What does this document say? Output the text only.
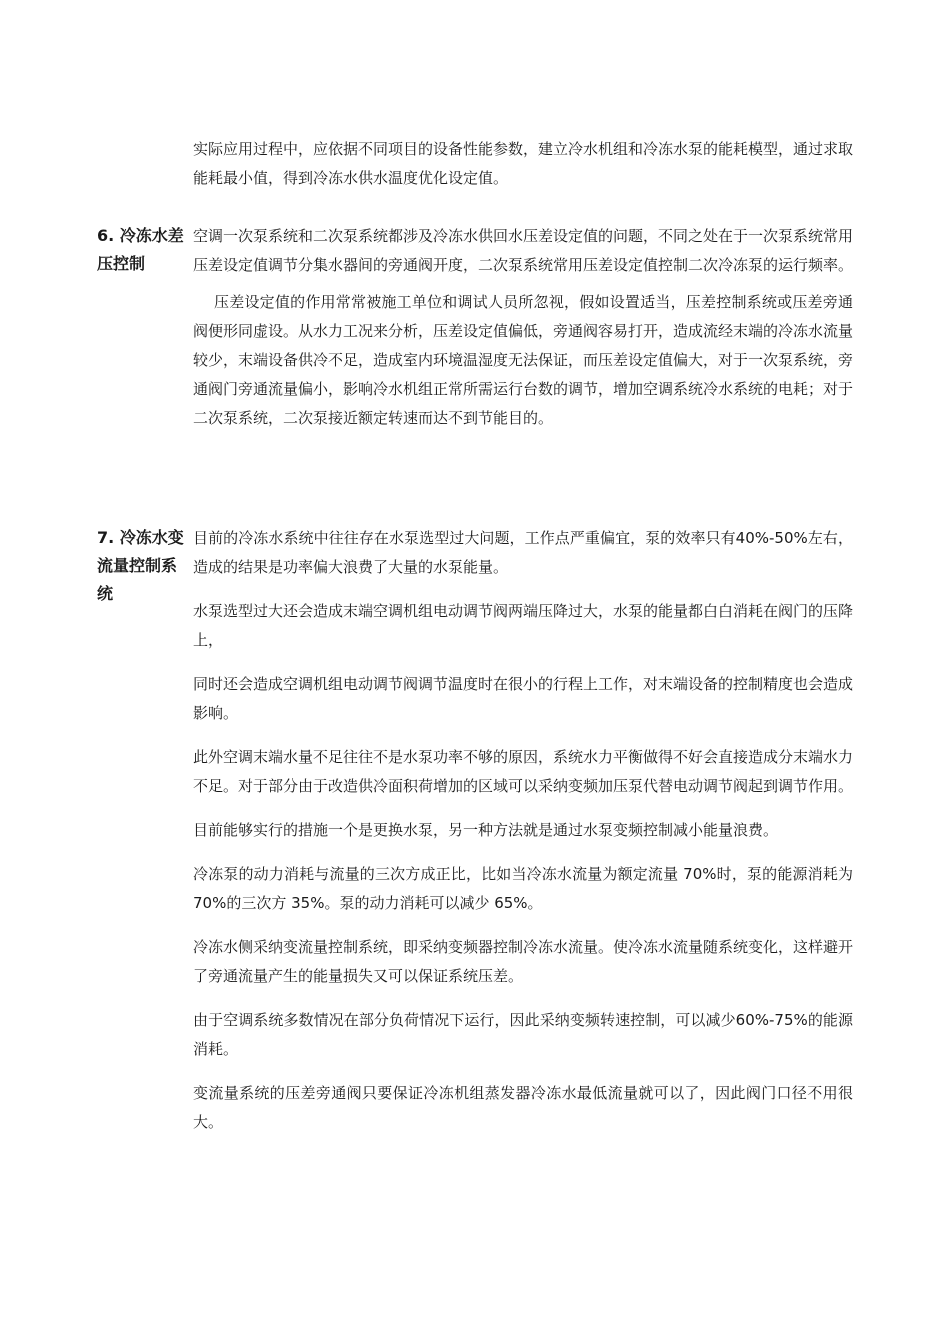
实际应用过程中，应依据不同项目的设备性能参数，建立冷水机组和冷冻水泵的能耗模型，通过求取能耗最小值，得到冷冻水供水温度优化设定值。

6. 冷冻水差压控制

空调一次泵系统和二次泵系统都涉及冷冻水供回水压差设定值的问题，不同之处在于一次泵系统常用压差设定值调节分集水器间的旁通阀开度，二次泵系统常用压差设定值控制二次冷冻泵的运行频率。

压差设定值的作用常常被施工单位和调试人员所忽视，假如设置适当，压差控制系统或压差旁通阀便形同虚设。从水力工况来分析，压差设定值偏低，旁通阀容易打开，造成流经末端的冷冻水流量较少，末端设备供冷不足，造成室内环境温湿度无法保证，而压差设定值偏大，对于一次泵系统，旁通阀门旁通流量偏小，影响冷水机组正常所需运行台数的调节，增加空调系统冷水系统的电耗；对于二次泵系统，二次泵接近额定转速而达不到节能目的。

7. 冷冻水变流量控制系统

目前的冷冻水系统中往往存在水泵选型过大问题，工作点严重偏宜，泵的效率只有40%-50%左右，造成的结果是功率偏大浪费了大量的水泵能量。

水泵选型过大还会造成末端空调机组电动调节阀两端压降过大，水泵的能量都白白消耗在阀门的压降上，

同时还会造成空调机组电动调节阀调节温度时在很小的行程上工作，对末端设备的控制精度也会造成影响。

此外空调末端水量不足往往不是水泵功率不够的原因，系统水力平衡做得不好会直接造成分末端水力不足。对于部分由于改造供冷面积荷增加的区域可以采纳变频加压泵代替电动调节阀起到调节作用。

目前能够实行的措施一个是更换水泵，另一种方法就是通过水泵变频控制减小能量浪费。

冷冻泵的动力消耗与流量的三次方成正比，比如当冷冻水流量为额定流量 70%时，泵的能源消耗为70%的三次方 35%。泵的动力消耗可以减少 65%。

冷冻水侧采纳变流量控制系统，即采纳变频器控制冷冻水流量。使冷冻水流量随系统变化，这样避开了旁通流量产生的能量损失又可以保证系统压差。

由于空调系统多数情况在部分负荷情况下运行，因此采纳变频转速控制，可以减少60%-75%的能源消耗。

变流量系统的压差旁通阀只要保证冷冻机组蒸发器冷冻水最低流量就可以了，因此阀门口径不用很大。
